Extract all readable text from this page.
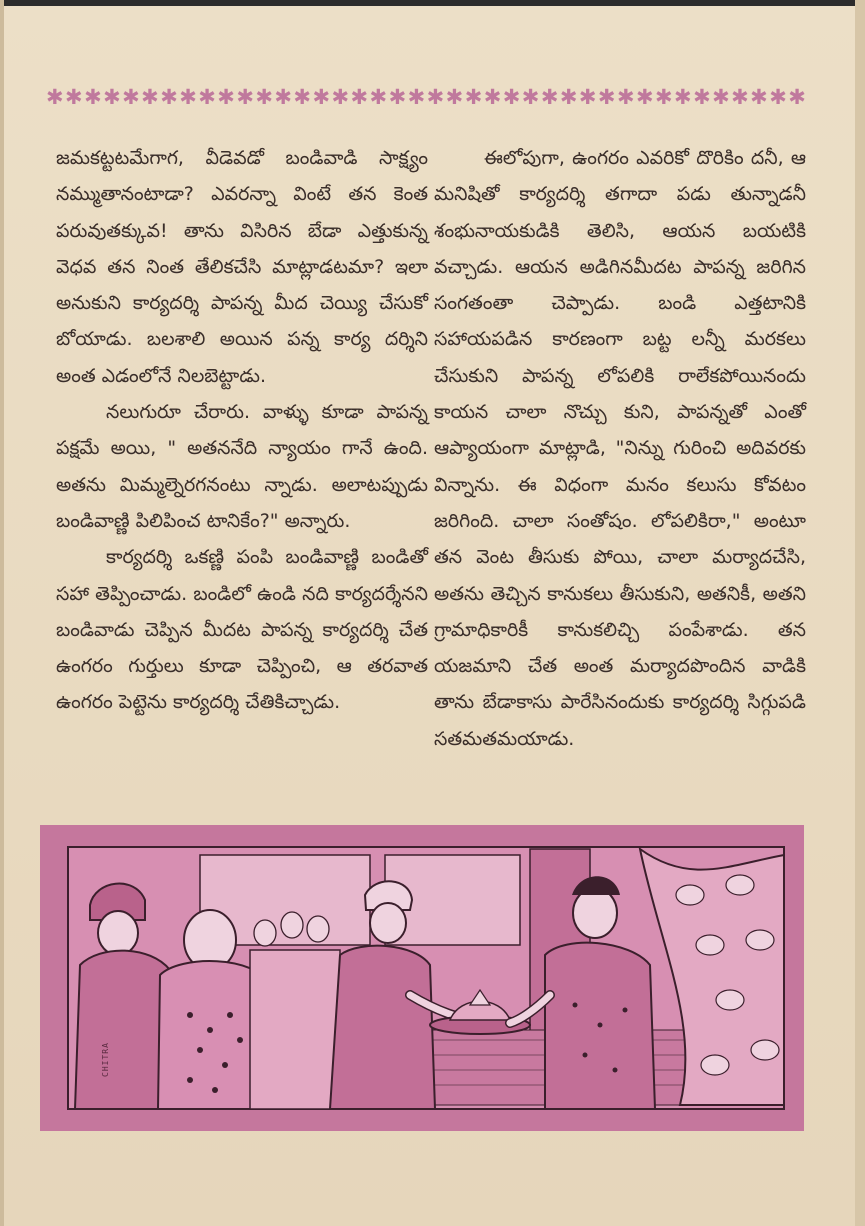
✱ ✱ ✱ ✱ ✱ ✱ ✱ ✱ ✱ ✱ ✱ ✱ ✱ ✱ ✱ ✱ ✱ ✱ ✱ ✱ ✱ ✱ ✱ ✱ ✱ ✱ ✱ ✱ ✱ ✱ ✱ ✱ ✱ ✱ ✱ ✱ ✱ ✱ ✱ ✱

జమకట్టటమేగాగ, వీడెవడో బండివాడి సాక్ష్యం నమ్ముతానంటాడా? ఎవరన్నా వింటే తన కెంత పరువుతక్కువ! తాను విసిరిన బేడా ఎత్తుకున్న వెధవ తన నింత తేలికచేసి మాట్లాడటమా? ఇలా అనుకుని కార్యదర్శి పాపన్న మీద చెయ్యి చేసుకో బోయాడు. బలశాలి అయిన పన్న కార్య దర్శిని అంత ఎడంలోనే నిలబెట్టాడు.

నలుగురూ చేరారు. వాళ్ళు కూడా పాపన్న పక్షమే అయి, " అతననేది న్యాయం గానే ఉంది. అతను మిమ్మల్నెరగనంటు న్నాడు. అలాటప్పుడు బండివాణ్ణి పిలిపించ టానికేం?" అన్నారు.

కార్యదర్శి ఒకణ్ణి పంపి బండివాణ్ణి బండితో సహా తెప్పించాడు. బండిలో ఉండి నది కార్యదర్శేనని బండివాడు చెప్పిన మీదట పాపన్న కార్యదర్శి చేత ఉంగరం గుర్తులు కూడా చెప్పించి, ఆ తరవాత ఉంగరం పెట్టెను కార్యదర్శి చేతికిచ్చాడు.

ఈలోపుగా, ఉంగరం ఎవరికో దొరికిం దనీ, ఆ మనిషితో కార్యదర్శి తగాదా పడు తున్నాడనీ శంభునాయకుడికి తెలిసి, ఆయన బయటికి వచ్చాడు. ఆయన అడిగినమీదట పాపన్న జరిగిన సంగతంతా చెప్పాడు. బండి ఎత్తటానికి సహాయపడిన కారణంగా బట్ట లన్నీ మరకలు చేసుకుని పాపన్న లోపలికి రాలేకపోయినందు కాయన చాలా నొచ్చు కుని, పాపన్నతో ఎంతో ఆప్యాయంగా మాట్లాడి, "నిన్ను గురించి అదివరకు విన్నాను. ఈ విధంగా మనం కలుసు కోవటం జరిగింది. చాలా సంతోషం. లోపలికిరా," అంటూ తన వెంట తీసుకు పోయి, చాలా మర్యాదచేసి, అతను తెచ్చిన కానుకలు తీసుకుని, అతనికీ, అతని గ్రామాధికారికీ కానుకలిచ్చి పంపేశాడు. తన యజమాని చేత అంత మర్యాదపొందిన వాడికి తాను బేడాకాసు పారేసినందుకు కార్యదర్శి సిగ్గుపడి సతమతమయాడు.

CHITRA
